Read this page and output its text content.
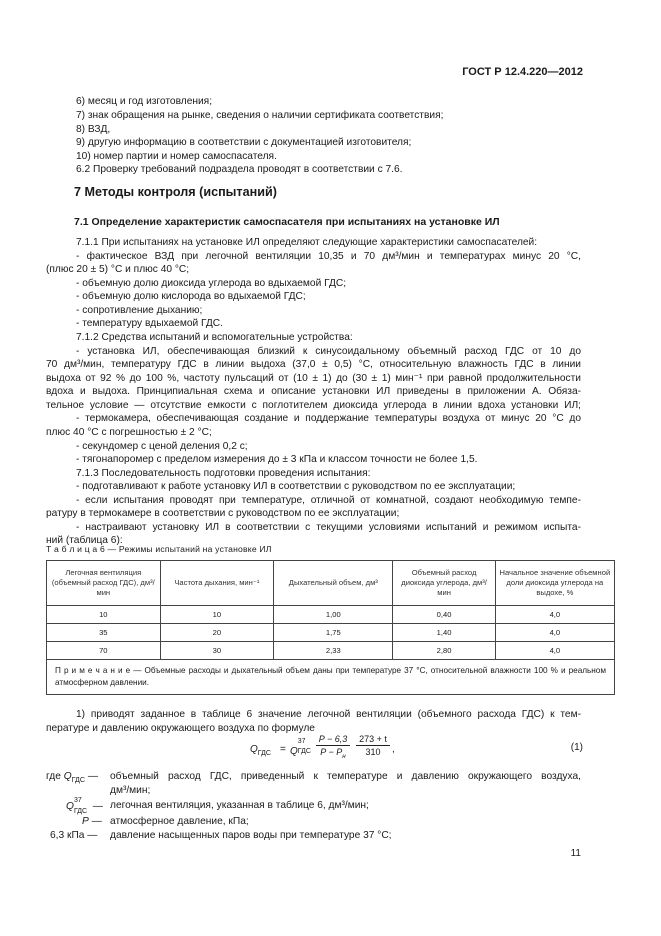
ГОСТ Р 12.4.220—2012
6) месяц и год изготовления;
7) знак обращения на рынке, сведения о наличии сертификата соответствия;
8) ВЗД,
9) другую информацию в соответствии с документацией изготовителя;
10) номер партии и номер самоспасателя.
6.2 Проверку требований подраздела проводят в соответствии с 7.6.
7 Методы контроля (испытаний)
7.1 Определение характеристик самоспасателя при испытаниях на установке ИЛ
7.1.1 При испытаниях на установке ИЛ определяют следующие характеристики самоспасателей:
- фактическое ВЗД при легочной вентиляции 10,35 и 70 дм³/мин и температурах минус 20 °С,
(плюс 20 ± 5) °С и плюс 40 °С;
- объемную долю диоксида углерода во вдыхаемой ГДС;
- объемную долю кислорода во вдыхаемой ГДС;
- сопротивление дыханию;
- температуру вдыхаемой ГДС.
7.1.2 Средства испытаний и вспомогательные устройства:
- установка ИЛ, обеспечивающая близкий к синусоидальному объемный расход ГДС от 10 до
70 дм³/мин, температуру ГДС в линии выдоха (37,0 ± 0,5) °С, относительную влажность ГДС в линии
выдоха от 92 % до 100 %, частоту пульсаций от (10 ± 1) до (30 ± 1) мин⁻¹ при равной продолжительности
вдоха и выдоха. Принципиальная схема и описание установки ИЛ приведены в приложении А. Обяза-
тельное условие — отсутствие емкости с поглотителем диоксида углерода в линии вдоха установки ИЛ;
- термокамера, обеспечивающая создание и поддержание температуры воздуха от минус 20 °С до
плюс 40 °С с погрешностью ± 2 °С;
- секундомер с ценой деления 0,2 с;
- тягонапоромер с пределом измерения до ± 3 кПа и классом точности не более 1,5.
7.1.3 Последовательность подготовки проведения испытания:
- подготавливают к работе установку ИЛ в соответствии с руководством по ее эксплуатации;
- если испытания проводят при температуре, отличной от комнатной, создают необходимую темпе-
ратуру в термокамере в соответствии с руководством по ее эксплуатации;
- настраивают установку ИЛ в соответствии с текущими условиями испытаний и режимом испыта-
ний (таблица 6):
Т а б л и ц а 6 — Режимы испытаний на установке ИЛ
Легочная вентиляция (объемный расход ГДС), дм³/мин	Частота дыхания, мин⁻¹	Дыхательный объем, дм³	Объемный расход диоксида углерода, дм³/мин	Начальное значение объемной доли диоксида углерода на выдохе, %
10	10	1,00	0,40	4,0
35	20	1,75	1,40	4,0
70	30	2,33	2,80	4,0
П р и м е ч а н и е — Объемные расходы и дыхательный объем даны при температуре 37 °С, относительной влажности 100 % и реальном атмосферном давлении.				
1) приводят заданное в таблице 6 значение легочной вентиляции (объемного расхода ГДС) к тем-
пературе и давлению окружающего воздуха по формуле
$Q_{ГДС} = Q$
37
ГДС
P − 6,3
$P - P_н$	$\frac{273 + t}{310}$ ,	(1)
где $Q_{ГДС}$ — объемный расход ГДС, приведенный к температуре и давлению окружающего воздуха,
дм³/мин;
Q
37
ГДС — легочная вентиляция, указанная в таблице 6, дм³/мин;
P — атмосферное давление, кПа;
6,3 кПа — давление насыщенных паров воды при температуре 37 °С;
11
